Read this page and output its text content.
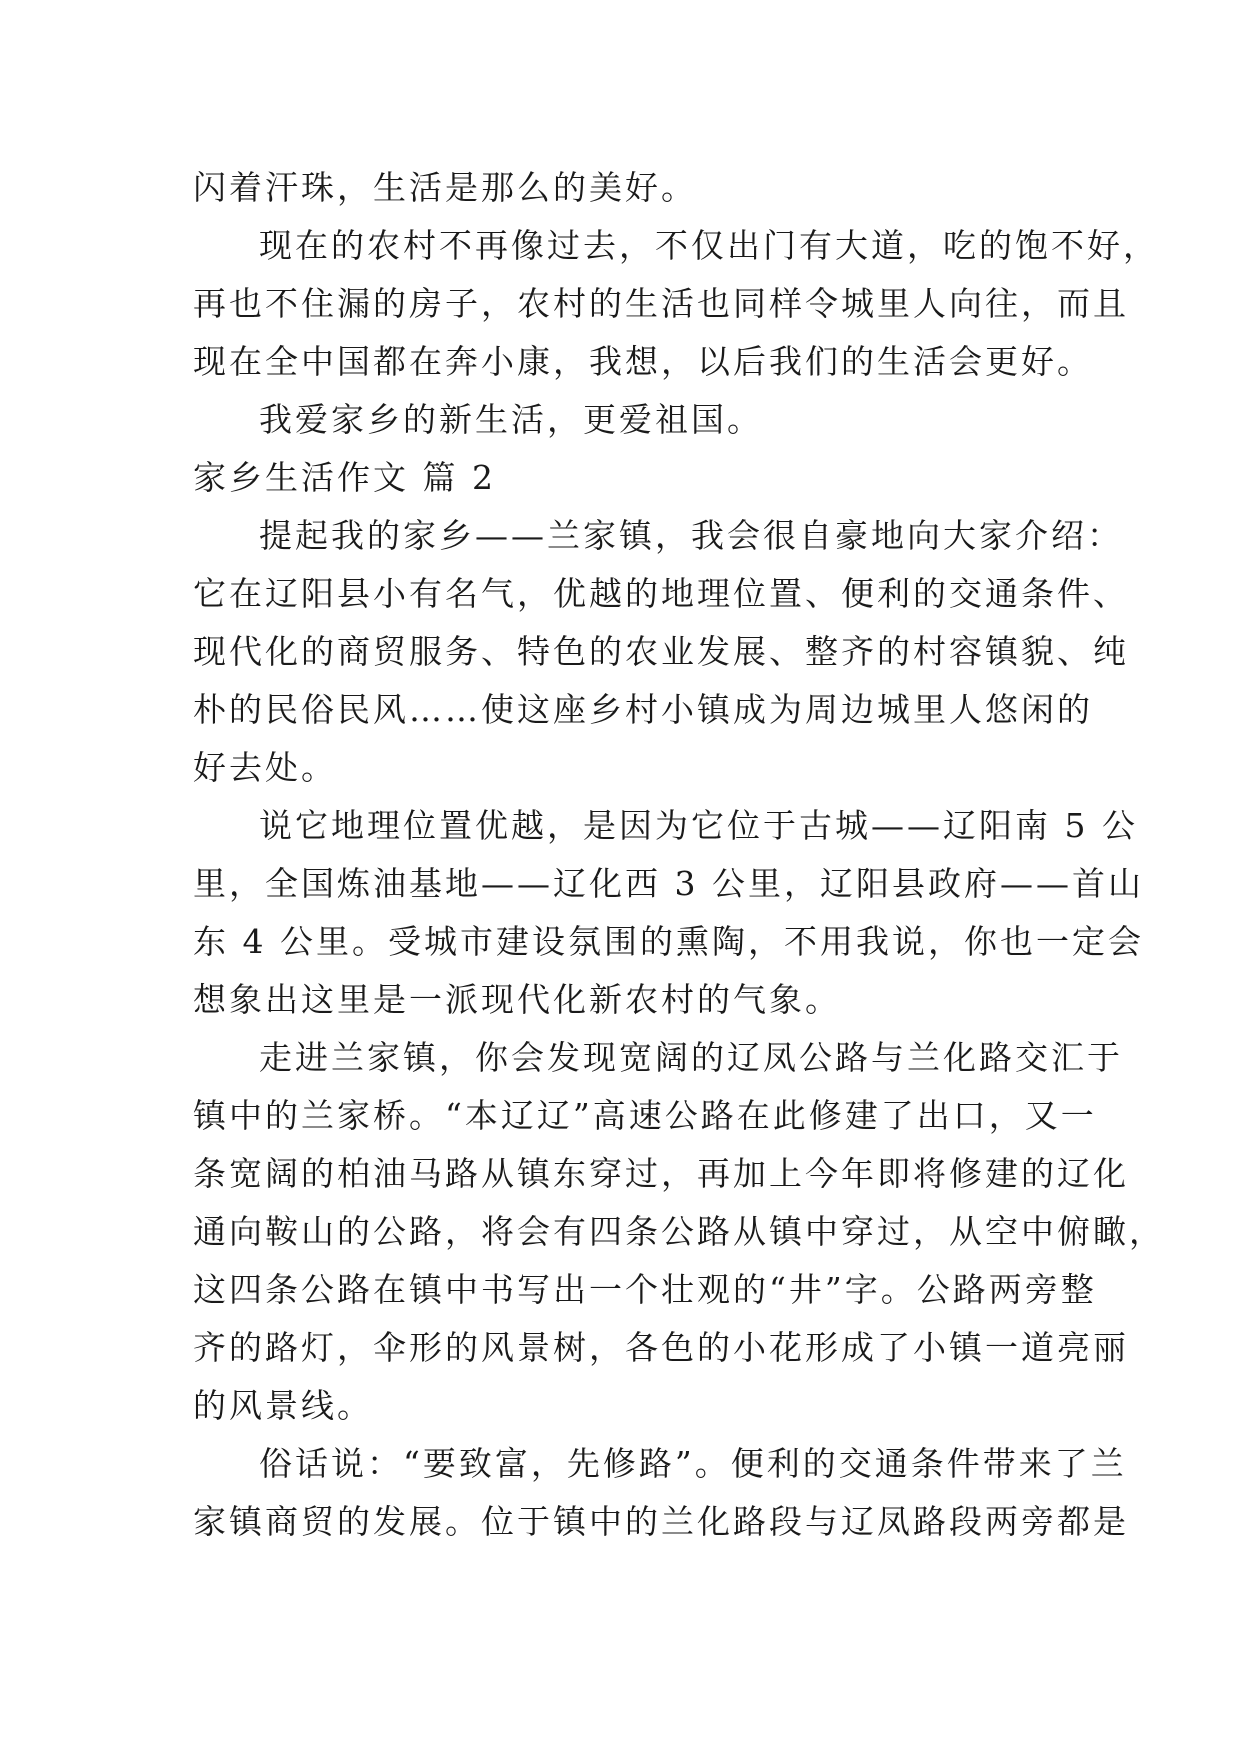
闪着汗珠，生活是那么的美好。
现在的农村不再像过去，不仅出门有大道，吃的饱不好，
再也不住漏的房子，农村的生活也同样令城里人向往，而且
现在全中国都在奔小康，我想，以后我们的生活会更好。
我爱家乡的新生活，更爱祖国。
家乡生活作文 篇 2
提起我的家乡——兰家镇，我会很自豪地向大家介绍：
它在辽阳县小有名气，优越的地理位置、便利的交通条件、
现代化的商贸服务、特色的农业发展、整齐的村容镇貌、纯
朴的民俗民风……使这座乡村小镇成为周边城里人悠闲的
好去处。
说它地理位置优越，是因为它位于古城——辽阳南 5 公
里，全国炼油基地——辽化西 3 公里，辽阳县政府——首山
东 4 公里。受城市建设氛围的熏陶，不用我说，你也一定会
想象出这里是一派现代化新农村的气象。
走进兰家镇，你会发现宽阔的辽凤公路与兰化路交汇于
镇中的兰家桥。“本辽辽”高速公路在此修建了出口，又一
条宽阔的柏油马路从镇东穿过，再加上今年即将修建的辽化
通向鞍山的公路，将会有四条公路从镇中穿过，从空中俯瞰，
这四条公路在镇中书写出一个壮观的“井”字。公路两旁整
齐的路灯，伞形的风景树，各色的小花形成了小镇一道亮丽
的风景线。
俗话说：“要致富，先修路”。便利的交通条件带来了兰
家镇商贸的发展。位于镇中的兰化路段与辽凤路段两旁都是
